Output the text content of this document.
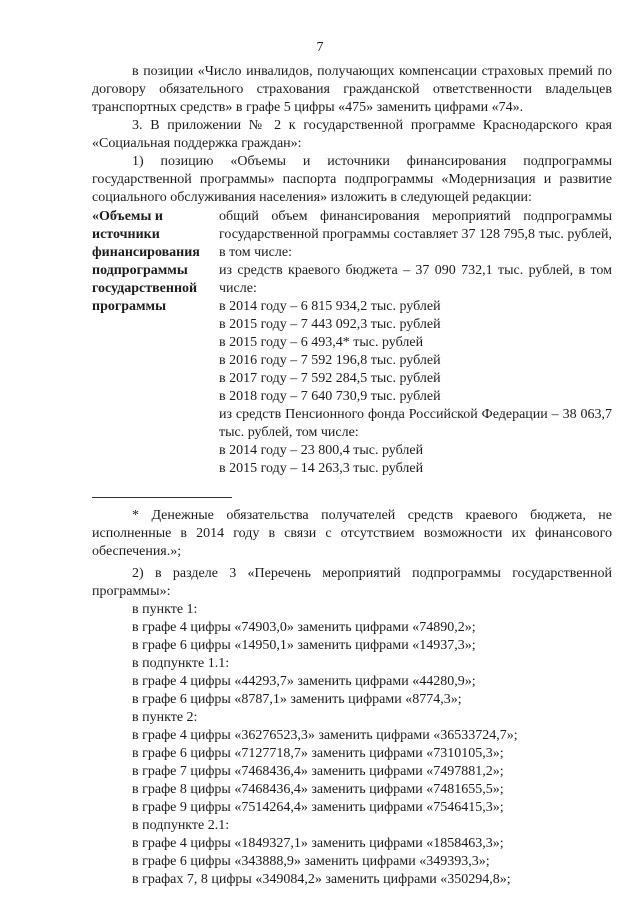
7

в позиции «Число инвалидов, получающих компенсации страховых премий по договору обязательного страхования гражданской ответственности владельцев транспортных средств» в графе 5 цифры «475» заменить цифрами «74».

3. В приложении № 2 к государственной программе Краснодарского края «Социальная поддержка граждан»:

1) позицию «Объемы и источники финансирования подпрограммы государственной программы» паспорта подпрограммы «Модернизация и развитие социального обслуживания населения» изложить в следующей редакции:

«Объемы и источники финансирования подпрограммы государственной программы

общий объем финансирования мероприятий подпрограммы государственной программы составляет 37 128 795,8 тыс. рублей, в том числе:

из средств краевого бюджета – 37 090 732,1 тыс. рублей, в том числе:

в 2014 году – 6 815 934,2 тыс. рублей
в 2015 году – 7 443 092,3 тыс. рублей
в 2015 году – 6 493,4* тыс. рублей
в 2016 году – 7 592 196,8 тыс. рублей
в 2017 году – 7 592 284,5 тыс. рублей
в 2018 году – 7 640 730,9 тыс. рублей

из средств Пенсионного фонда Российской Федерации – 38 063,7 тыс. рублей, том числе:

в 2014 году – 23 800,4 тыс. рублей
в 2015 году – 14 263,3 тыс. рублей

* Денежные обязательства получателей средств краевого бюджета, не исполненные в 2014 году в связи с отсутствием возможности их финансового обеспечения.»;

2) в разделе 3 «Перечень мероприятий подпрограммы государственной программы»:

в пункте 1:
в графе 4 цифры «74903,0» заменить цифрами «74890,2»;
в графе 6 цифры «14950,1» заменить цифрами «14937,3»;
в подпункте 1.1:
в графе 4 цифры «44293,7» заменить цифрами «44280,9»;
в графе 6 цифры «8787,1» заменить цифрами «8774,3»;
в пункте 2:
в графе 4 цифры «36276523,3» заменить цифрами «36533724,7»;
в графе 6 цифры «7127718,7» заменить цифрами «7310105,3»;
в графе 7 цифры «7468436,4» заменить цифрами «7497881,2»;
в графе 8 цифры «7468436,4» заменить цифрами «7481655,5»;
в графе 9 цифры «7514264,4» заменить цифрами «7546415,3»;
в подпункте 2.1:
в графе 4 цифры «1849327,1» заменить цифрами «1858463,3»;
в графе 6 цифры «343888,9» заменить цифрами «349393,3»;
в графах 7, 8 цифры «349084,2» заменить цифрами «350294,8»;
